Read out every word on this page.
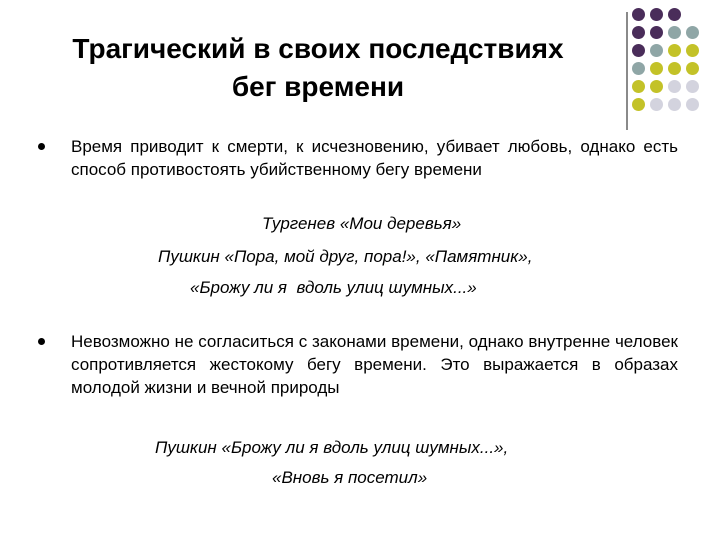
Трагический в своих последствиях
бег времени
Время приводит к смерти, к исчезновению, убивает любовь, однако есть способ противостоять убийственному бегу времени
Тургенев «Мои деревья»
Пушкин «Пора, мой друг, пора!», «Памятник»,
«Брожу ли я  вдоль улиц шумных...»
Невозможно не согласиться с законами времени, однако внутренне человек сопротивляется жестокому бегу времени. Это выражается в образах молодой жизни и вечной природы
Пушкин «Брожу ли я вдоль улиц шумных...»,
«Вновь я посетил»
